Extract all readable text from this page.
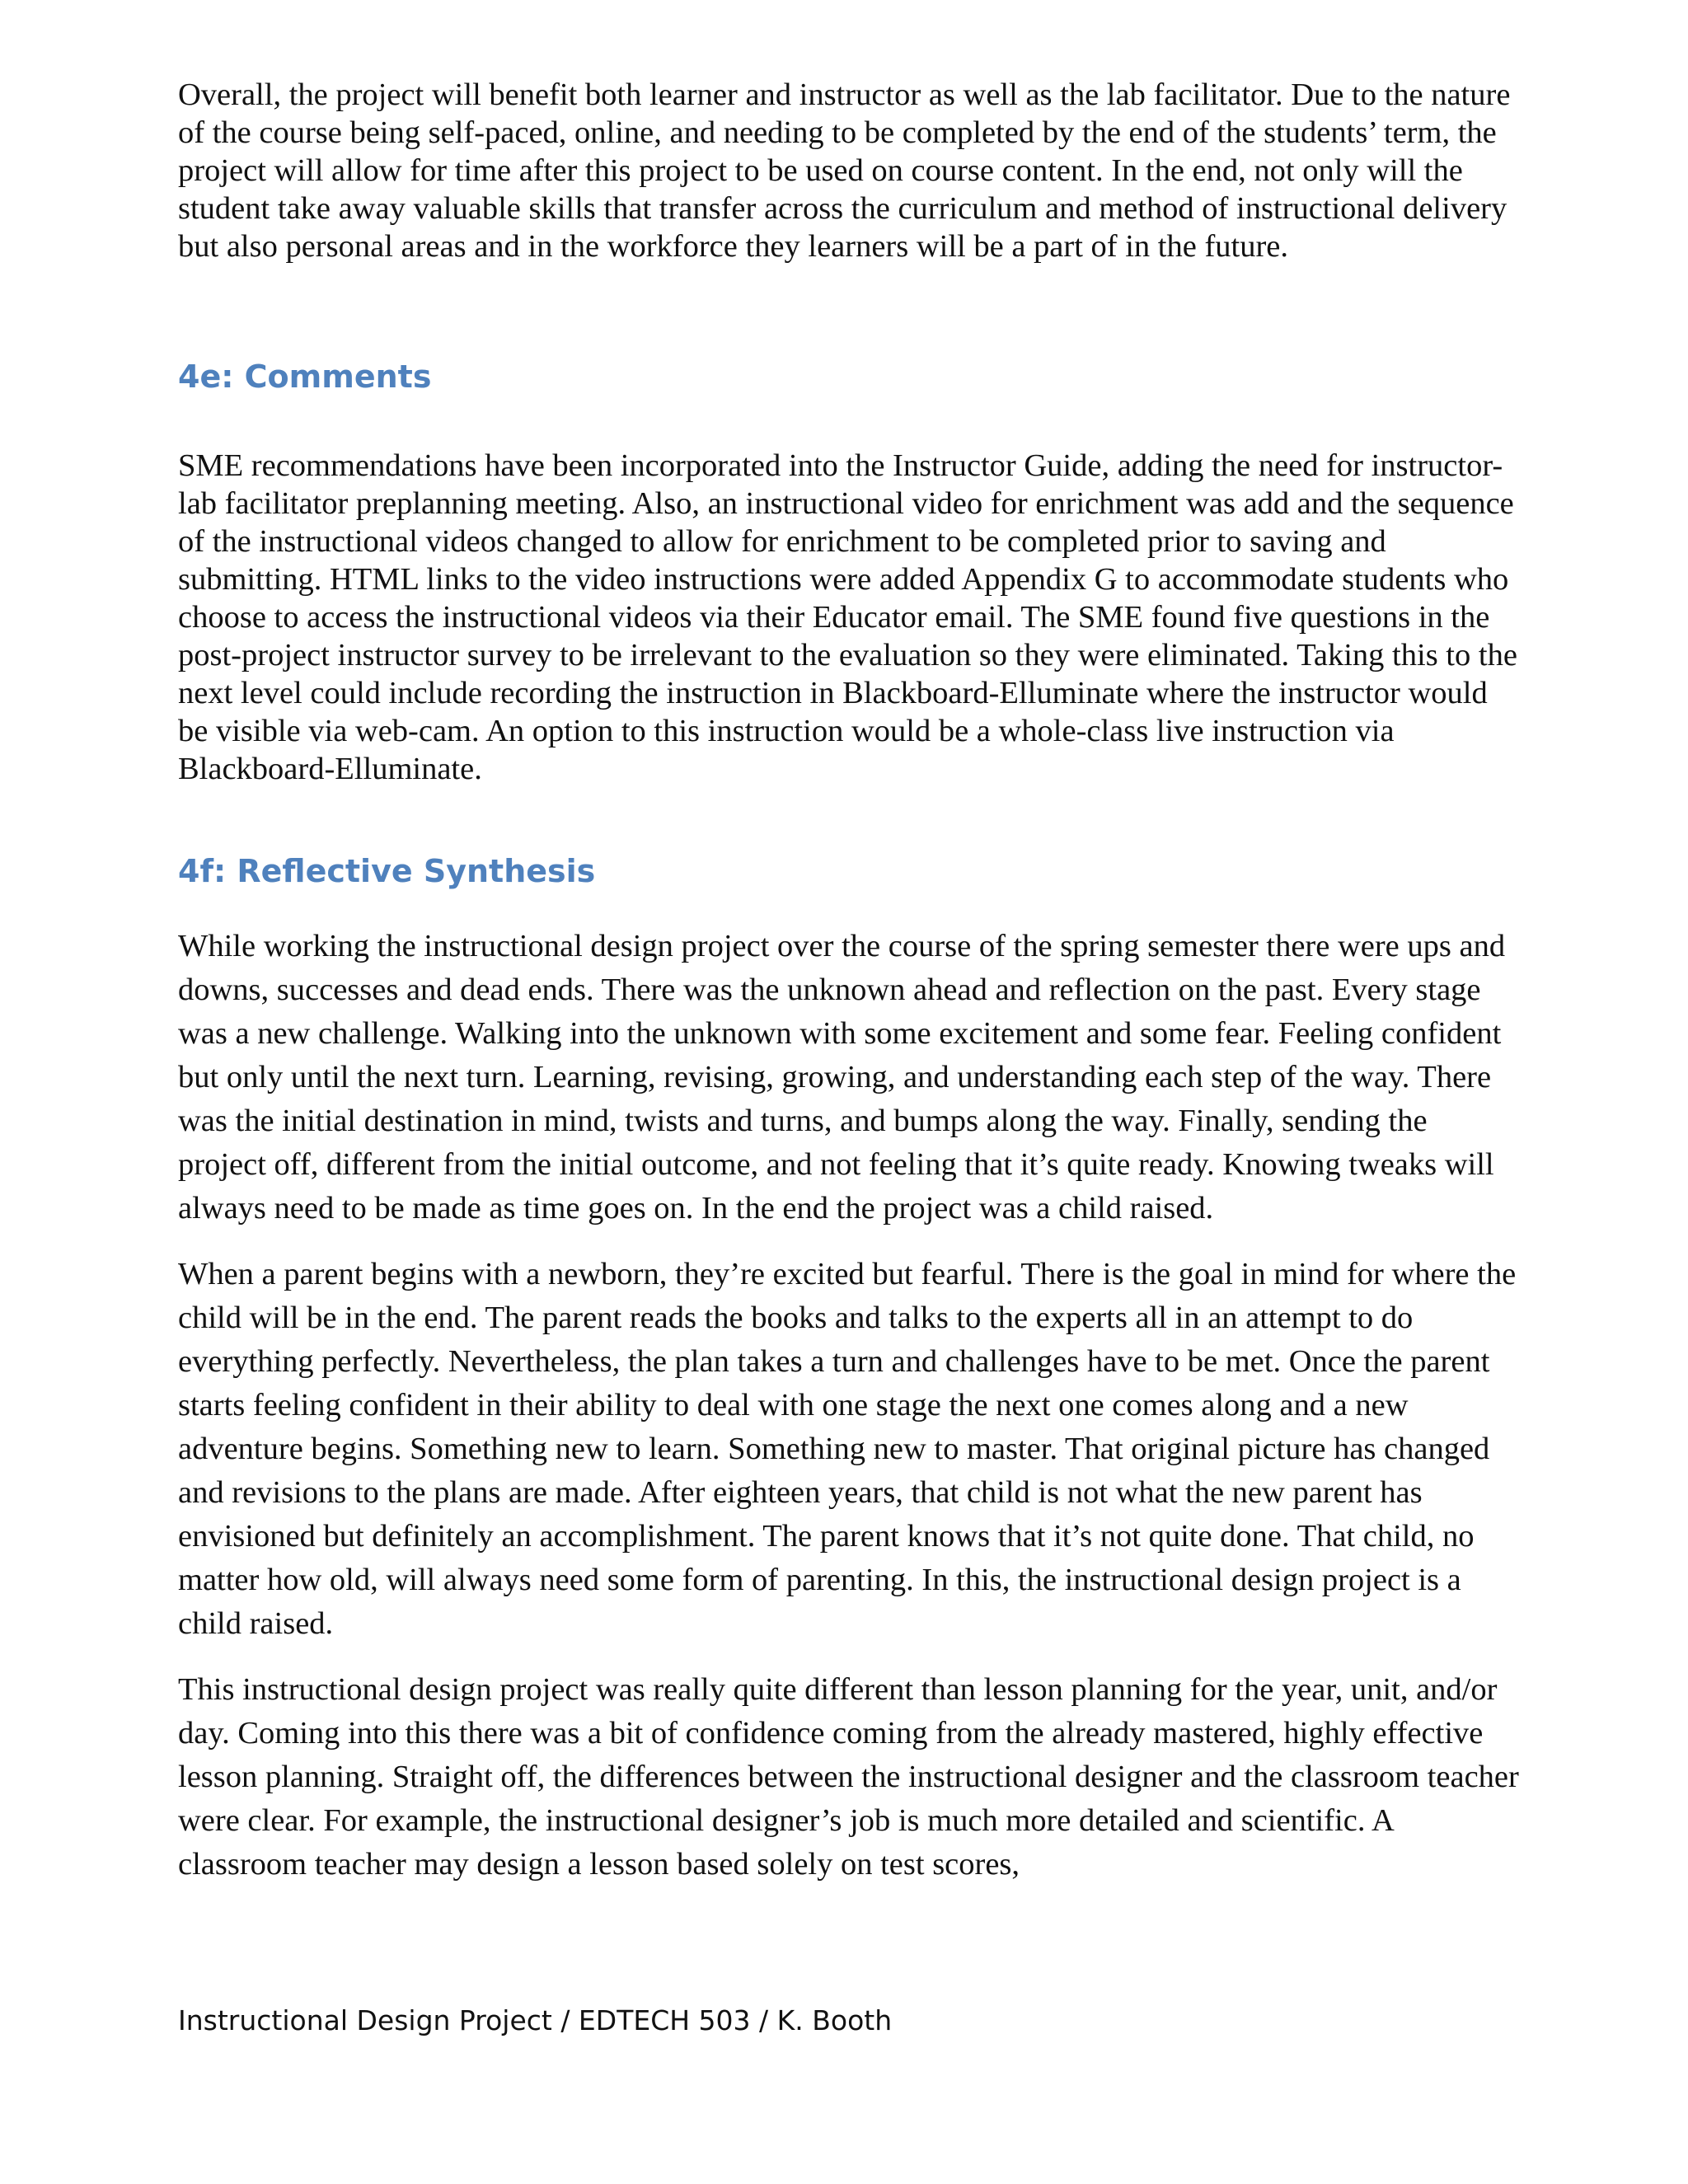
Overall, the project will benefit both learner and instructor as well as the lab facilitator. Due to the nature of the course being self-paced, online, and needing to be completed by the end of the students’ term, the project will allow for time after this project to be used on course content. In the end, not only will the student take away valuable skills that transfer across the curriculum and method of instructional delivery but also personal areas and in the workforce they learners will be a part of in the future.

4e: Comments

SME recommendations have been incorporated into the Instructor Guide, adding the need for instructor-lab facilitator preplanning meeting. Also, an instructional video for enrichment was add and the sequence of the instructional videos changed to allow for enrichment to be completed prior to saving and submitting. HTML links to the video instructions were added Appendix G to accommodate students who choose to access the instructional videos via their Educator email. The SME found five questions in the post-project instructor survey to be irrelevant to the evaluation so they were eliminated. Taking this to the next level could include recording the instruction in Blackboard-Elluminate where the instructor would be visible via web-cam. An option to this instruction would be a whole-class live instruction via Blackboard-Elluminate.

4f: Reflective Synthesis

While working the instructional design project over the course of the spring semester there were ups and downs, successes and dead ends. There was the unknown ahead and reflection on the past. Every stage was a new challenge. Walking into the unknown with some excitement and some fear. Feeling confident but only until the next turn. Learning, revising, growing, and understanding each step of the way. There was the initial destination in mind, twists and turns, and bumps along the way. Finally, sending the project off, different from the initial outcome, and not feeling that it’s quite ready. Knowing tweaks will always need to be made as time goes on. In the end the project was a child raised.

When a parent begins with a newborn, they’re excited but fearful. There is the goal in mind for where the child will be in the end. The parent reads the books and talks to the experts all in an attempt to do everything perfectly. Nevertheless, the plan takes a turn and challenges have to be met. Once the parent starts feeling confident in their ability to deal with one stage the next one comes along and a new adventure begins. Something new to learn. Something new to master. That original picture has changed and revisions to the plans are made. After eighteen years, that child is not what the new parent has envisioned but definitely an accomplishment. The parent knows that it’s not quite done. That child, no matter how old, will always need some form of parenting. In this, the instructional design project is a child raised.

This instructional design project was really quite different than lesson planning for the year, unit, and/or day. Coming into this there was a bit of confidence coming from the already mastered, highly effective lesson planning. Straight off, the differences between the instructional designer and the classroom teacher were clear. For example, the instructional designer’s job is much more detailed and scientific. A classroom teacher may design a lesson based solely on test scores,

Instructional Design Project / EDTECH 503 / K. Booth
